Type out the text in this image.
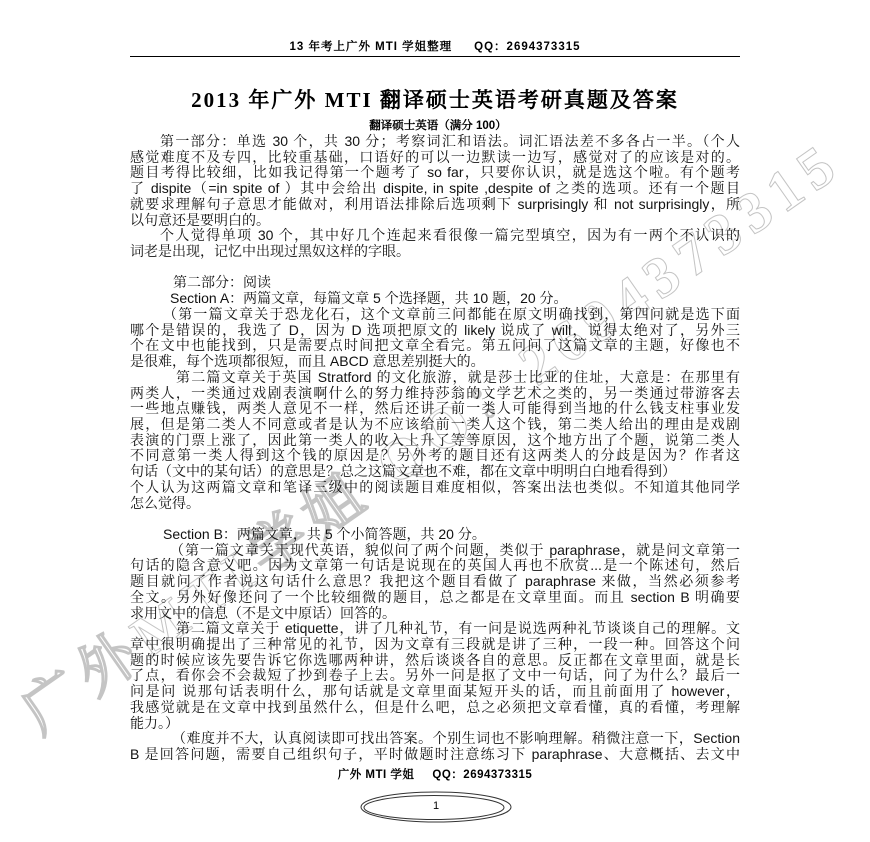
广外MTI学姐 QQ：2694373315
13 年考上广外 MTI 学姐整理 QQ：2694373315
2013 年广外 MTI 翻译硕士英语考研真题及答案
翻译硕士英语（满分 100）
第一部分：单选 30 个，共 30 分；考察词汇和语法。词汇语法差不多各占一半。（个人
感觉难度不及专四，比较重基础，口语好的可以一边默读一边写，感觉对了的应该是对的。
题目考得比较细，比如我记得第一个题考了 so far，只要你认识，就是选这个啦。有个题考
了 dispite（=in spite of ）其中会给出 dispite, in spite ,despite of 之类的选项。还有一个题目
就要求理解句子意思才能做对，利用语法排除后选项剩下 surprisingly 和 not surprisingly，所
以句意还是要明白的。
个人觉得单项 30 个，其中好几个连起来看很像一篇完型填空，因为有一两个不认识的
词老是出现，记忆中出现过黑奴这样的字眼。
第二部分：阅读
Section A：两篇文章，每篇文章 5 个选择题，共 10 题，20 分。
（第一篇文章关于恐龙化石，这个文章前三问都能在原文明确找到，第四问就是选下面
哪个是错误的，我选了 D，因为 D 选项把原文的 likely 说成了 will，说得太绝对了，另外三
个在文中也能找到，只是需要点时间把文章全看完。第五问问了这篇文章的主题，好像也不
是很难，每个选项都很短，而且 ABCD 意思差别挺大的。
第二篇文章关于英国 Stratford 的文化旅游，就是莎士比亚的住址，大意是：在那里有
两类人，一类通过戏剧表演啊什么的努力维持莎翁的文学艺术之类的，另一类通过带游客去
一些地点赚钱，两类人意见不一样，然后还讲了前一类人可能得到当地的什么钱支柱事业发
展，但是第二类人不同意或者是认为不应该给前一类人这个钱，第二类人给出的理由是戏剧
表演的门票上涨了，因此第一类人的收入上升了等等原因，这个地方出了个题，说第二类人
不同意第一类人得到这个钱的原因是？另外考的题目还有这两类人的分歧是因为？作者这
句话（文中的某句话）的意思是？总之这篇文章也不难，都在文章中明明白白地看得到）
个人认为这两篇文章和笔译三级中的阅读题目难度相似，答案出法也类似。不知道其他同学
怎么觉得。
Section B：两篇文章，共 5 个小简答题，共 20 分。
（第一篇文章关于现代英语，貌似问了两个问题，类似于 paraphrase，就是问文章第一
句话的隐含意义吧。因为文章第一句话是说现在的英国人再也不欣赏...是一个陈述句，然后
题目就问了作者说这句话什么意思？我把这个题目看做了 paraphrase 来做，当然必须参考
全文。另外好像还问了一个比较细微的题目，总之都是在文章里面。而且 section B 明确要
求用文中的信息（不是文中原话）回答的。
第二篇文章关于 etiquette，讲了几种礼节，有一问是说选两种礼节谈谈自己的理解。文
章中很明确提出了三种常见的礼节，因为文章有三段就是讲了三种，一段一种。回答这个问
题的时候应该先要告诉它你选哪两种讲，然后谈谈各自的意思。反正都在文章里面，就是长
了点，看你会不会裁短了抄到卷子上去。另外一问是抠了文中一句话，问了为什么？最后一
问是问 说那句话表明什么，那句话就是文章里面某短开头的话，而且前面用了 however，
我感觉就是在文章中找到虽然什么，但是什么吧，总之必须把文章看懂，真的看懂，考理解
能力。）
（难度并不大，认真阅读即可找出答案。个别生词也不影响理解。稍微注意一下，Section
B 是回答问题，需要自己组织句子，平时做题时注意练习下 paraphrase、大意概括、去文中
广外 MTI 学姐 QQ：2694373315
1
